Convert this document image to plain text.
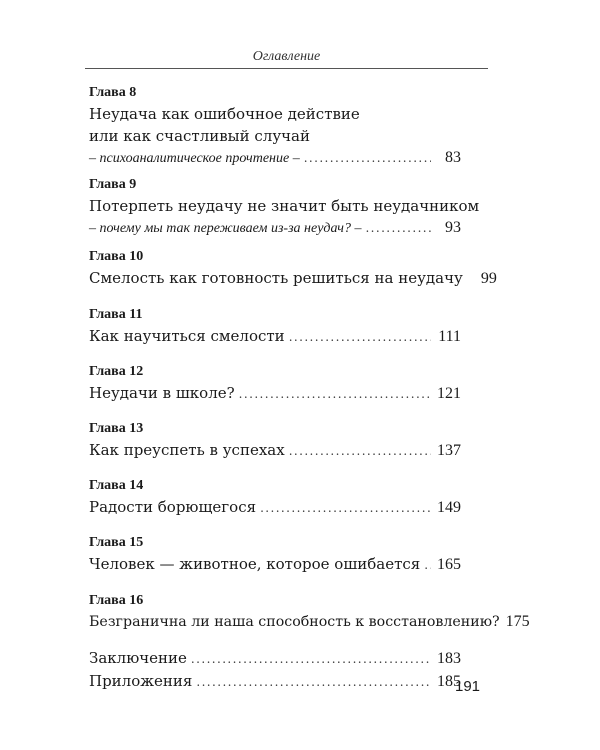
Оглавление
Глава 8
Неудача как ошибочное действие
или как счастливый случай
– психоаналитическое прочтение – .....	83
Глава 9
Потерпеть неудачу не значит быть неудачником
– почему мы так переживаем из-за неудач? – .....	93
Глава 10
Смелость как готовность решиться на неудачу	99
Глава 11
Как научиться смелости .....	111
Глава 12
Неудачи в школе? .....	121
Глава 13
Как преуспеть в успехах .....	137
Глава 14
Радости борющегося .....	149
Глава 15
Человек — животное, которое ошибается ..... 165
Глава 16
Безгранична ли наша способность к восстановлению? 175
Заключение .....	183
Приложения .....	185
191
